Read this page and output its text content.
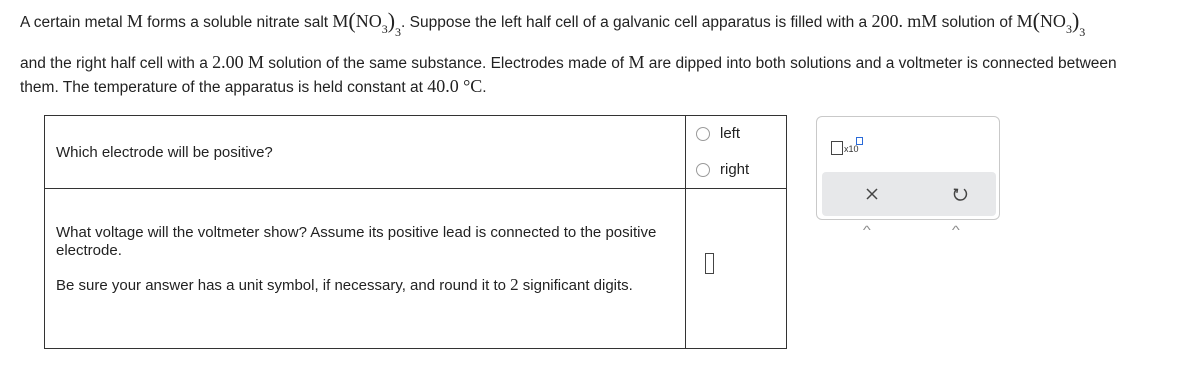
A certain metal M forms a soluble nitrate salt $M(NO_3)_3$. Suppose the left half cell of a galvanic cell apparatus is filled with a 200. mM solution of $M(NO_3)_3$
and the right half cell with a 2.00 M solution of the same substance. Electrodes made of M are dipped into both solutions and a voltmeter is connected between
them. The temperature of the apparatus is held constant at 40.0 °C.
Which electrode will be positive?
left
right

What voltage will the voltmeter show? Assume its positive lead is connected to the positive electrode.

Be sure your answer has a unit symbol, if necessary, and round it to 2 significant digits.

x10
^	^
